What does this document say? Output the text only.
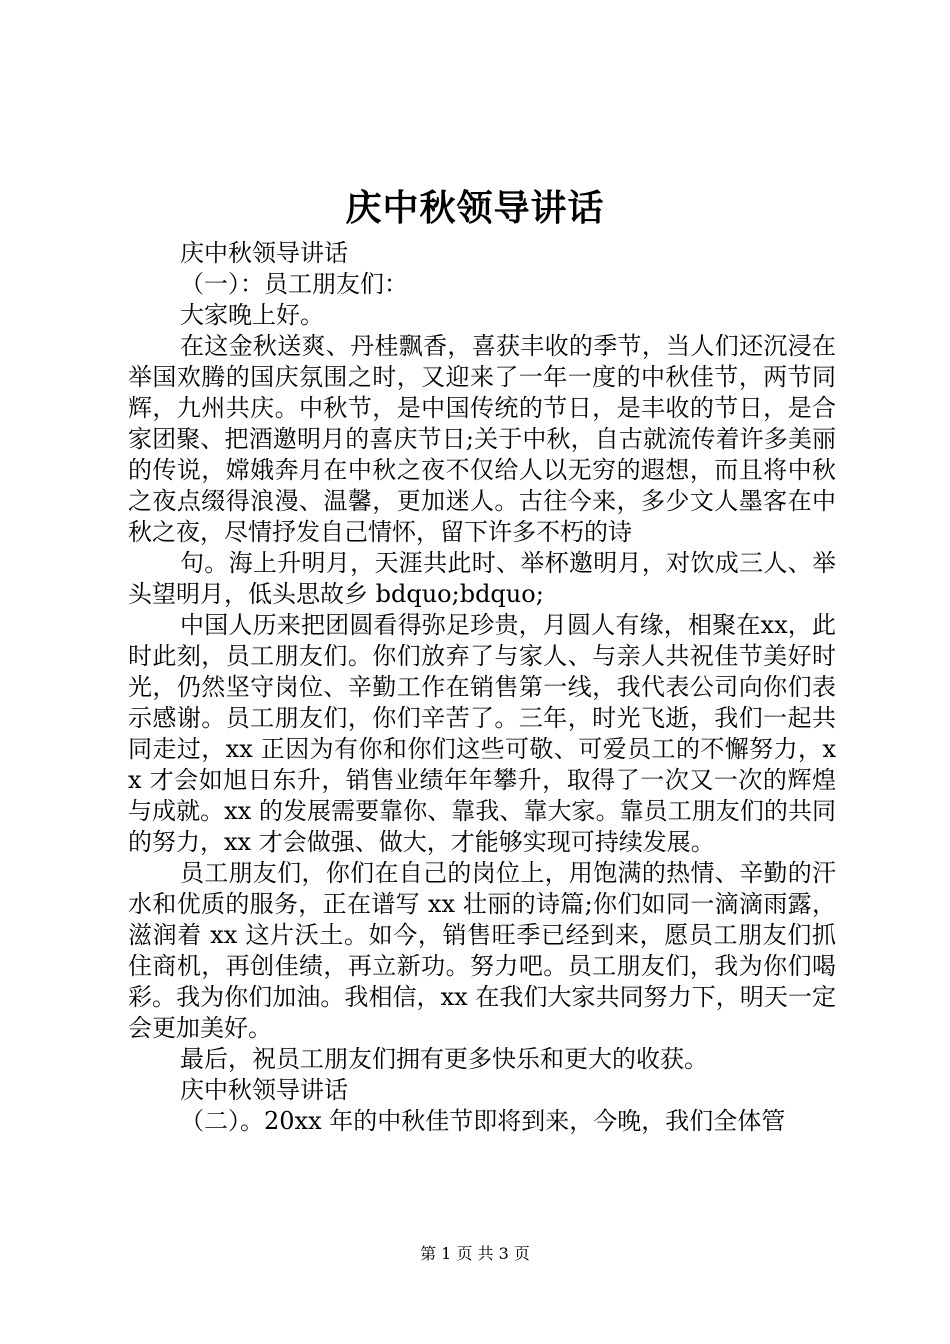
庆中秋领导讲话

庆中秋领导讲话

（一）：员工朋友们：

大家晚上好。

在这金秋送爽、丹桂飘香，喜获丰收的季节，当人们还沉浸在举国欢腾的国庆氛围之时，又迎来了一年一度的中秋佳节，两节同辉，九州共庆。中秋节，是中国传统的节日，是丰收的节日，是合家团聚、把酒邀明月的喜庆节日;关于中秋，自古就流传着许多美丽的传说，嫦娥奔月在中秋之夜不仅给人以无穷的遐想，而且将中秋之夜点缀得浪漫、温馨，更加迷人。古往今来，多少文人墨客在中秋之夜，尽情抒发自己情怀，留下许多不朽的诗

句。海上升明月，天涯共此时、举杯邀明月，对饮成三人、举头望明月，低头思故乡 bdquo;bdquo;

中国人历来把团圆看得弥足珍贵，月圆人有缘，相聚在xx，此时此刻，员工朋友们。你们放弃了与家人、与亲人共祝佳节美好时光，仍然坚守岗位、辛勤工作在销售第一线，我代表公司向你们表示感谢。员工朋友们，你们辛苦了。三年，时光飞逝，我们一起共同走过，xx 正因为有你和你们这些可敬、可爱员工的不懈努力，xx 才会如旭日东升，销售业绩年年攀升，取得了一次又一次的辉煌与成就。xx 的发展需要靠你、靠我、靠大家。靠员工朋友们的共同的努力，xx 才会做强、做大，才能够实现可持续发展。

员工朋友们，你们在自己的岗位上，用饱满的热情、辛勤的汗水和优质的服务，正在谱写 xx 壮丽的诗篇;你们如同一滴滴雨露，滋润着 xx 这片沃土。如今，销售旺季已经到来，愿员工朋友们抓住商机，再创佳绩，再立新功。努力吧。员工朋友们，我为你们喝彩。我为你们加油。我相信，xx 在我们大家共同努力下，明天一定会更加美好。

最后，祝员工朋友们拥有更多快乐和更大的收获。

庆中秋领导讲话

（二）。20xx 年的中秋佳节即将到来，今晚，我们全体管

第 1 页 共 3 页
